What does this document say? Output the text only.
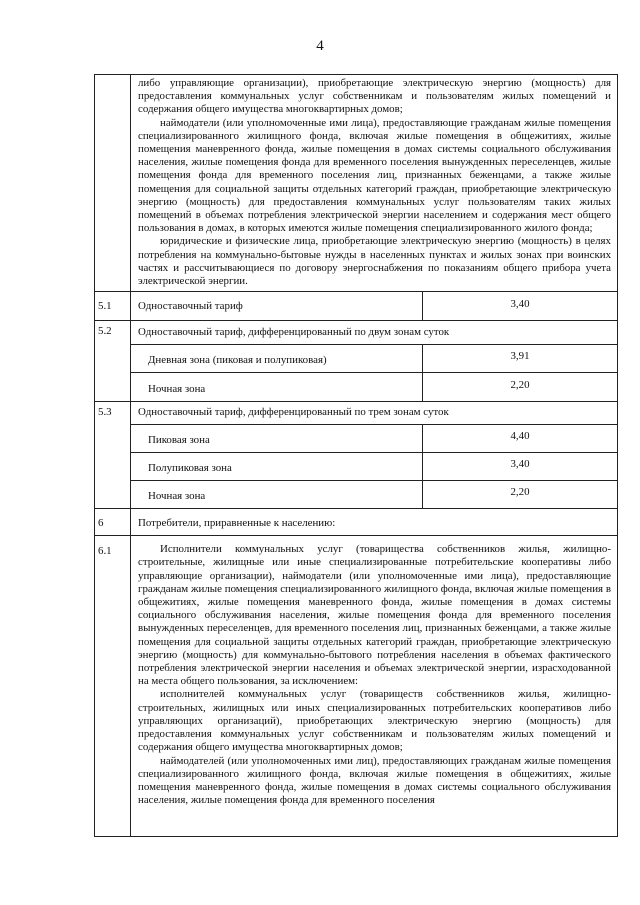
4

	либо управляющие организации), приобретающие электрическую энергию (мощность) для предоставления коммунальных услуг собственникам и пользователям жилых помещений и содержания общего имущества многоквартирных домов;

наймодатели (или уполномоченные ими лица), предоставляющие гражданам жилые помещения специализированного жилищного фонда, включая жилые помещения в общежитиях, жилые помещения маневренного фонда, жилые помещения в домах системы социального обслуживания населения, жилые помещения фонда для временного поселения вынужденных переселенцев, жилые помещения фонда для временного поселения лиц, признанных беженцами, а также жилые помещения для социальной защиты отдельных категорий граждан, приобретающие электрическую энергию (мощность) для предоставления коммунальных услуг пользователям таких жилых помещений в объемах потребления электрической энергии населением и содержания мест общего пользования в домах, в которых имеются жилые помещения специализированного жилого фонда;

юридические и физические лица, приобретающие электрическую энергию (мощность) в целях потребления на коммунально-бытовые нужды в населенных пунктах и жилых зонах при воинских частях и рассчитывающиеся по договору энергоснабжения по показаниям общего прибора учета электрической энергии.	

5.1	Одноставочный тариф	3,40
5.2	Одноставочный тариф, дифференцированный по двум зонам суток	
	Дневная зона (пиковая и полупиковая)	3,91
	Ночная зона	2,20
5.3	Одноставочный тариф, дифференцированный по трем зонам суток	
	Пиковая зона	4,40
	Полупиковая зона	3,40
	Ночная зона	2,20
6	Потребители, приравненные к населению:	
6.1	Исполнители коммунальных услуг (товарищества собственников жилья, жилищно-строительные, жилищные или иные специализированные потребительские кооперативы либо управляющие организации), наймодатели (или уполномоченные ими лица), предоставляющие гражданам жилые помещения специализированного жилищного фонда, включая жилые помещения в общежитиях, жилые помещения маневренного фонда, жилые помещения в домах системы социального обслуживания населения, жилые помещения фонда для временного поселения вынужденных переселенцев, для временного поселения лиц, признанных беженцами, а также жилые помещения для социальной защиты отдельных категорий граждан, приобретающие электрическую энергию (мощность) для коммунально-бытового потребления населения в объемах фактического потребления электрической энергии населения и объемах электрической энергии, израсходованной на места общего пользования, за исключением:

исполнителей коммунальных услуг (товариществ собственников жилья, жилищно-строительных, жилищных или иных специализированных потребительских кооперативов либо управляющих организаций), приобретающих электрическую энергию (мощность) для предоставления коммунальных услуг собственникам и пользователям жилых помещений и содержания общего имущества многоквартирных домов;

наймодателей (или уполномоченных ими лиц), предоставляющих гражданам жилые помещения специализированного жилищного фонда, включая жилые помещения в общежитиях, жилые помещения маневренного фонда, жилые помещения в домах системы социального обслуживания населения, жилые помещения фонда для временного поселения	
